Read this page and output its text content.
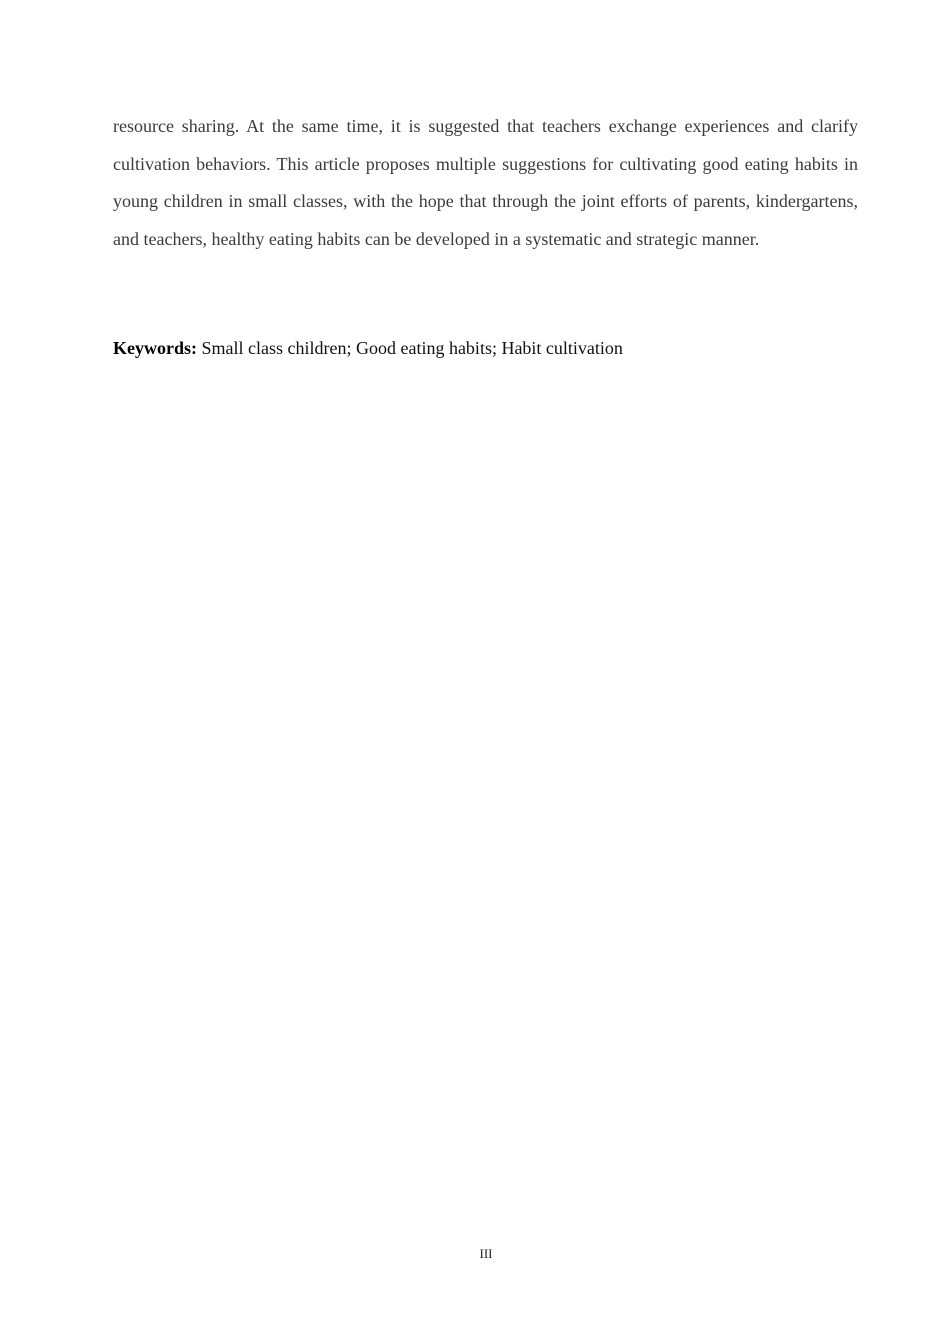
resource sharing. At the same time, it is suggested that teachers exchange experiences and clarify cultivation behaviors. This article proposes multiple suggestions for cultivating good eating habits in young children in small classes, with the hope that through the joint efforts of parents, kindergartens, and teachers, healthy eating habits can be developed in a systematic and strategic manner.

Keywords: Small class children; Good eating habits; Habit cultivation

III
